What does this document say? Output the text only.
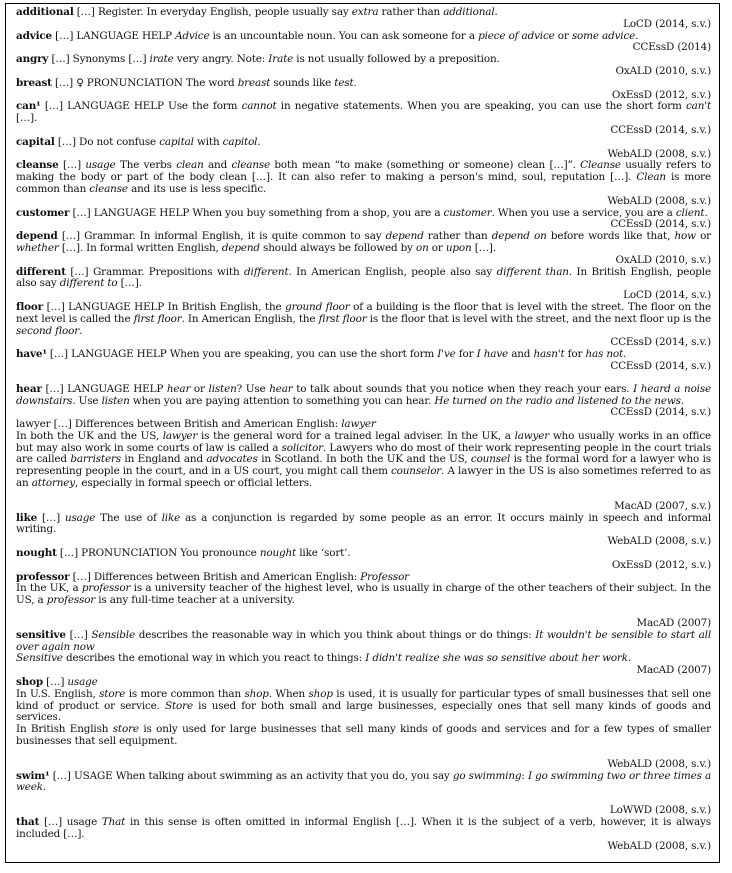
additional […] Register. In everyday English, people usually say extra rather than additional.
LoCD (2014, s.v.)
advice […] LANGUAGE HELP Advice is an uncountable noun. You can ask someone for a piece of advice or some advice.
CCEssD (2014)
angry […] Synonyms […] irate very angry. Note: Irate is not usually followed by a preposition.
OxALD (2010, s.v.)
breast […] ♀ PRONUNCIATION The word breast sounds like test.
OxEssD (2012, s.v.)
can¹ […] LANGUAGE HELP Use the form cannot in negative statements. When you are speaking, you can use the short form can't […].
CCEssD (2014, s.v.)
capital […] Do not confuse capital with capitol.
WebALD (2008, s.v.)
cleanse […] usage The verbs clean and cleanse both mean “to make (something or someone) clean […]”. Cleanse usually refers to making the body or part of the body clean […]. It can also refer to making a person's mind, soul, reputation […]. Clean is more common than cleanse and its use is less specific.
WebALD (2008, s.v.)
customer […] LANGUAGE HELP When you buy something from a shop, you are a customer. When you use a service, you are a client.
CCEssD (2014, s.v.)
depend […] Grammar. In informal English, it is quite common to say depend rather than depend on before words like that, how or whether […]. In formal written English, depend should always be followed by on or upon […].
OxALD (2010, s.v.)
different […] Grammar. Prepositions with different. In American English, people also say different than. In British English, people also say different to […].
LoCD (2014, s.v.)
floor […] LANGUAGE HELP In British English, the ground floor of a building is the floor that is level with the street. The floor on the next level is called the first floor. In American English, the first floor is the floor that is level with the street, and the next floor up is the second floor.
CCEssD (2014, s.v.)
have¹ […] LANGUAGE HELP When you are speaking, you can use the short form I've for I have and hasn't for has not.
CCEssD (2014, s.v.)
hear […] LANGUAGE HELP hear or listen? Use hear to talk about sounds that you notice when they reach your ears. I heard a noise downstairs. Use listen when you are paying attention to something you can hear. He turned on the radio and listened to the news.
CCEssD (2014, s.v.)
lawyer […] Differences between British and American English: lawyer
In both the UK and the US, lawyer is the general word for a trained legal adviser. In the UK, a lawyer who usually works in an office but may also work in some courts of law is called a solicitor. Lawyers who do most of their work representing people in the court trials are called barristers in England and advocates in Scotland. In both the UK and the US, counsel is the formal word for a lawyer who is representing people in the court, and in a US court, you might call them counselor. A lawyer in the US is also sometimes referred to as an attorney, especially in formal speech or official letters.
MacAD (2007, s.v.)
like […] usage The use of like as a conjunction is regarded by some people as an error. It occurs mainly in speech and informal writing.
WebALD (2008, s.v.)
nought […] PRONUNCIATION You pronounce nought like ‘sort’.
OxEssD (2012, s.v.)
professor […] Differences between British and American English: Professor
In the UK, a professor is a university teacher of the highest level, who is usually in charge of the other teachers of their subject. In the US, a professor is any full-time teacher at a university.
MacAD (2007)
sensitive […] Sensible describes the reasonable way in which you think about things or do things: It wouldn't be sensible to start all over again now
Sensitive describes the emotional way in which you react to things: I didn't realize she was so sensitive about her work.
MacAD (2007)
shop […] usage
In U.S. English, store is more common than shop. When shop is used, it is usually for particular types of small businesses that sell one kind of product or service. Store is used for both small and large businesses, especially ones that sell many kinds of goods and services.
In British English store is only used for large businesses that sell many kinds of goods and services and for a few types of smaller businesses that sell equipment.
WebALD (2008, s.v.)
swim¹ […] USAGE When talking about swimming as an activity that you do, you say go swimming: I go swimming two or three times a week.
LoWWD (2008, s.v.)
that […] usage That in this sense is often omitted in informal English […]. When it is the subject of a verb, however, it is always included […].
WebALD (2008, s.v.)
